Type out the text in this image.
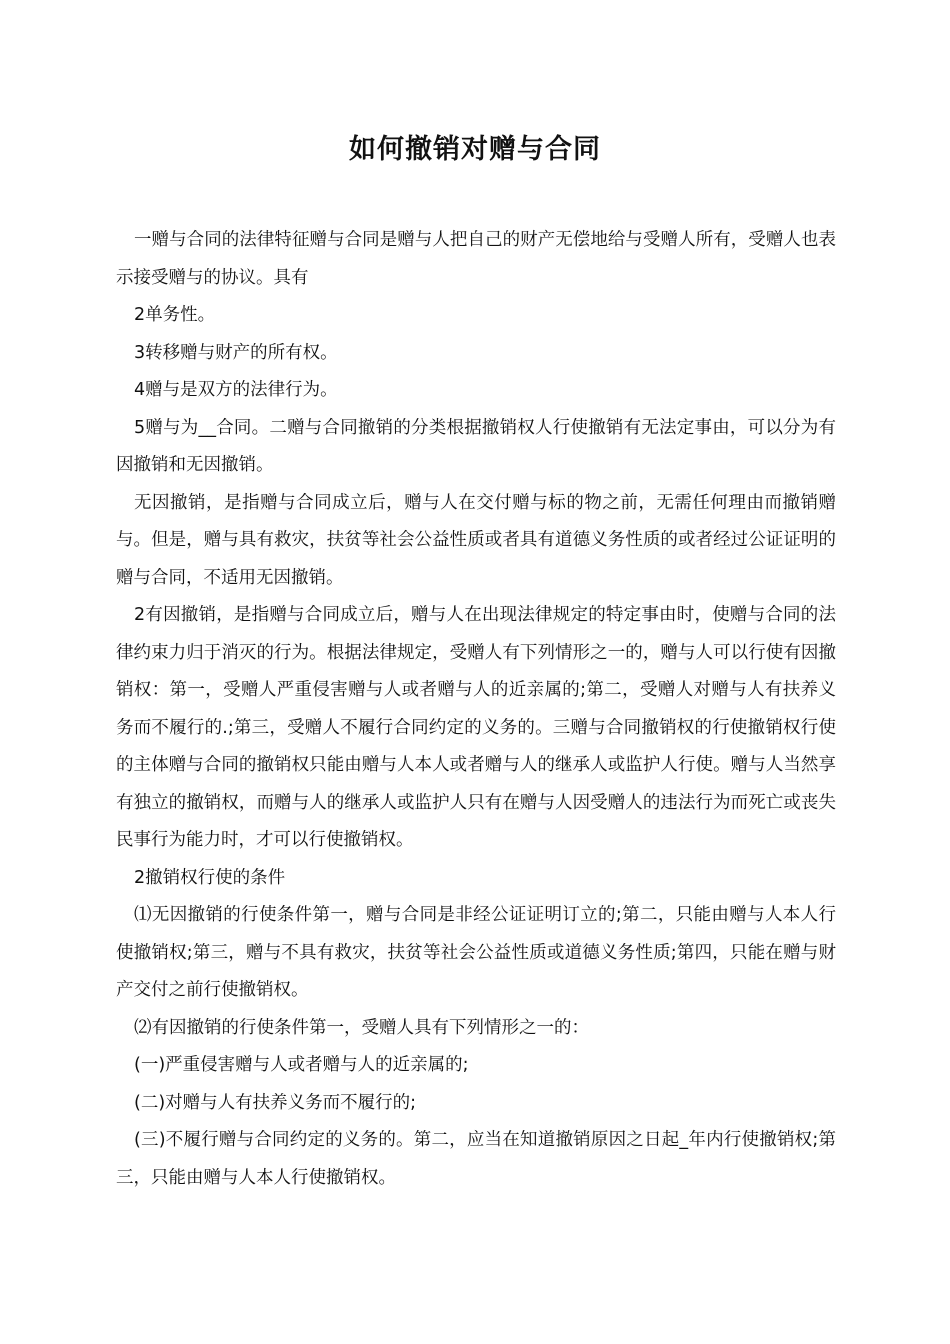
如何撤销对赠与合同

一赠与合同的法律特征赠与合同是赠与人把自己的财产无偿地给与受赠人所有，受赠人也表示接受赠与的协议。具有

2单务性。

3转移赠与财产的所有权。

4赠与是双方的法律行为。

5赠与为__合同。二赠与合同撤销的分类根据撤销权人行使撤销有无法定事由，可以分为有因撤销和无因撤销。

无因撤销，是指赠与合同成立后，赠与人在交付赠与标的物之前，无需任何理由而撤销赠与。但是，赠与具有救灾，扶贫等社会公益性质或者具有道德义务性质的或者经过公证证明的赠与合同，不适用无因撤销。

2有因撤销，是指赠与合同成立后，赠与人在出现法律规定的特定事由时，使赠与合同的法律约束力归于消灭的行为。根据法律规定，受赠人有下列情形之一的，赠与人可以行使有因撤销权：第一，受赠人严重侵害赠与人或者赠与人的近亲属的;第二，受赠人对赠与人有扶养义务而不履行的.;第三，受赠人不履行合同约定的义务的。三赠与合同撤销权的行使撤销权行使的主体赠与合同的撤销权只能由赠与人本人或者赠与人的继承人或监护人行使。赠与人当然享有独立的撤销权，而赠与人的继承人或监护人只有在赠与人因受赠人的违法行为而死亡或丧失民事行为能力时，才可以行使撤销权。

2撤销权行使的条件

⑴无因撤销的行使条件第一，赠与合同是非经公证证明订立的;第二，只能由赠与人本人行使撤销权;第三，赠与不具有救灾，扶贫等社会公益性质或道德义务性质;第四，只能在赠与财产交付之前行使撤销权。

⑵有因撤销的行使条件第一，受赠人具有下列情形之一的：

(一)严重侵害赠与人或者赠与人的近亲属的;

(二)对赠与人有扶养义务而不履行的;

(三)不履行赠与合同约定的义务的。第二，应当在知道撤销原因之日起_年内行使撤销权;第三，只能由赠与人本人行使撤销权。
